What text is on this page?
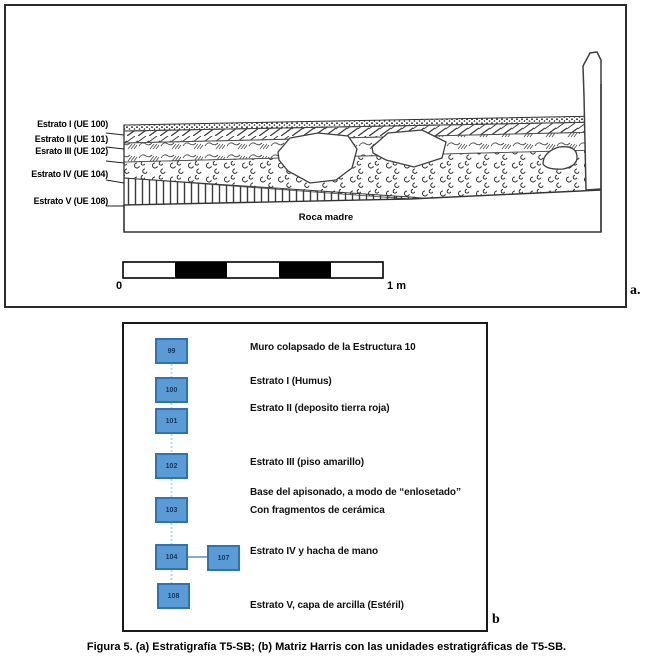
Estrato I (UE 100)
Estrato II (UE 101)
Esrato III (UE 102)
Estrato IV (UE 104)
Estrato V (UE 108)
Roca madre
0	1 m	a.
99
100
101
102
103
104	107
108
Muro colapsado de la Estructura 10
Estrato I (Humus)
Estrato II (deposito tierra roja)
Estrato III (piso amarillo)
Base del apisonado, a modo de “enlosetado”
Con fragmentos de cerámica
Estrato IV y hacha de mano
Estrato V, capa de arcilla (Estéril)
b
Figura 5. (a) Estratigrafía T5-SB; (b) Matriz Harris con las unidades estratigráficas de T5-SB.
